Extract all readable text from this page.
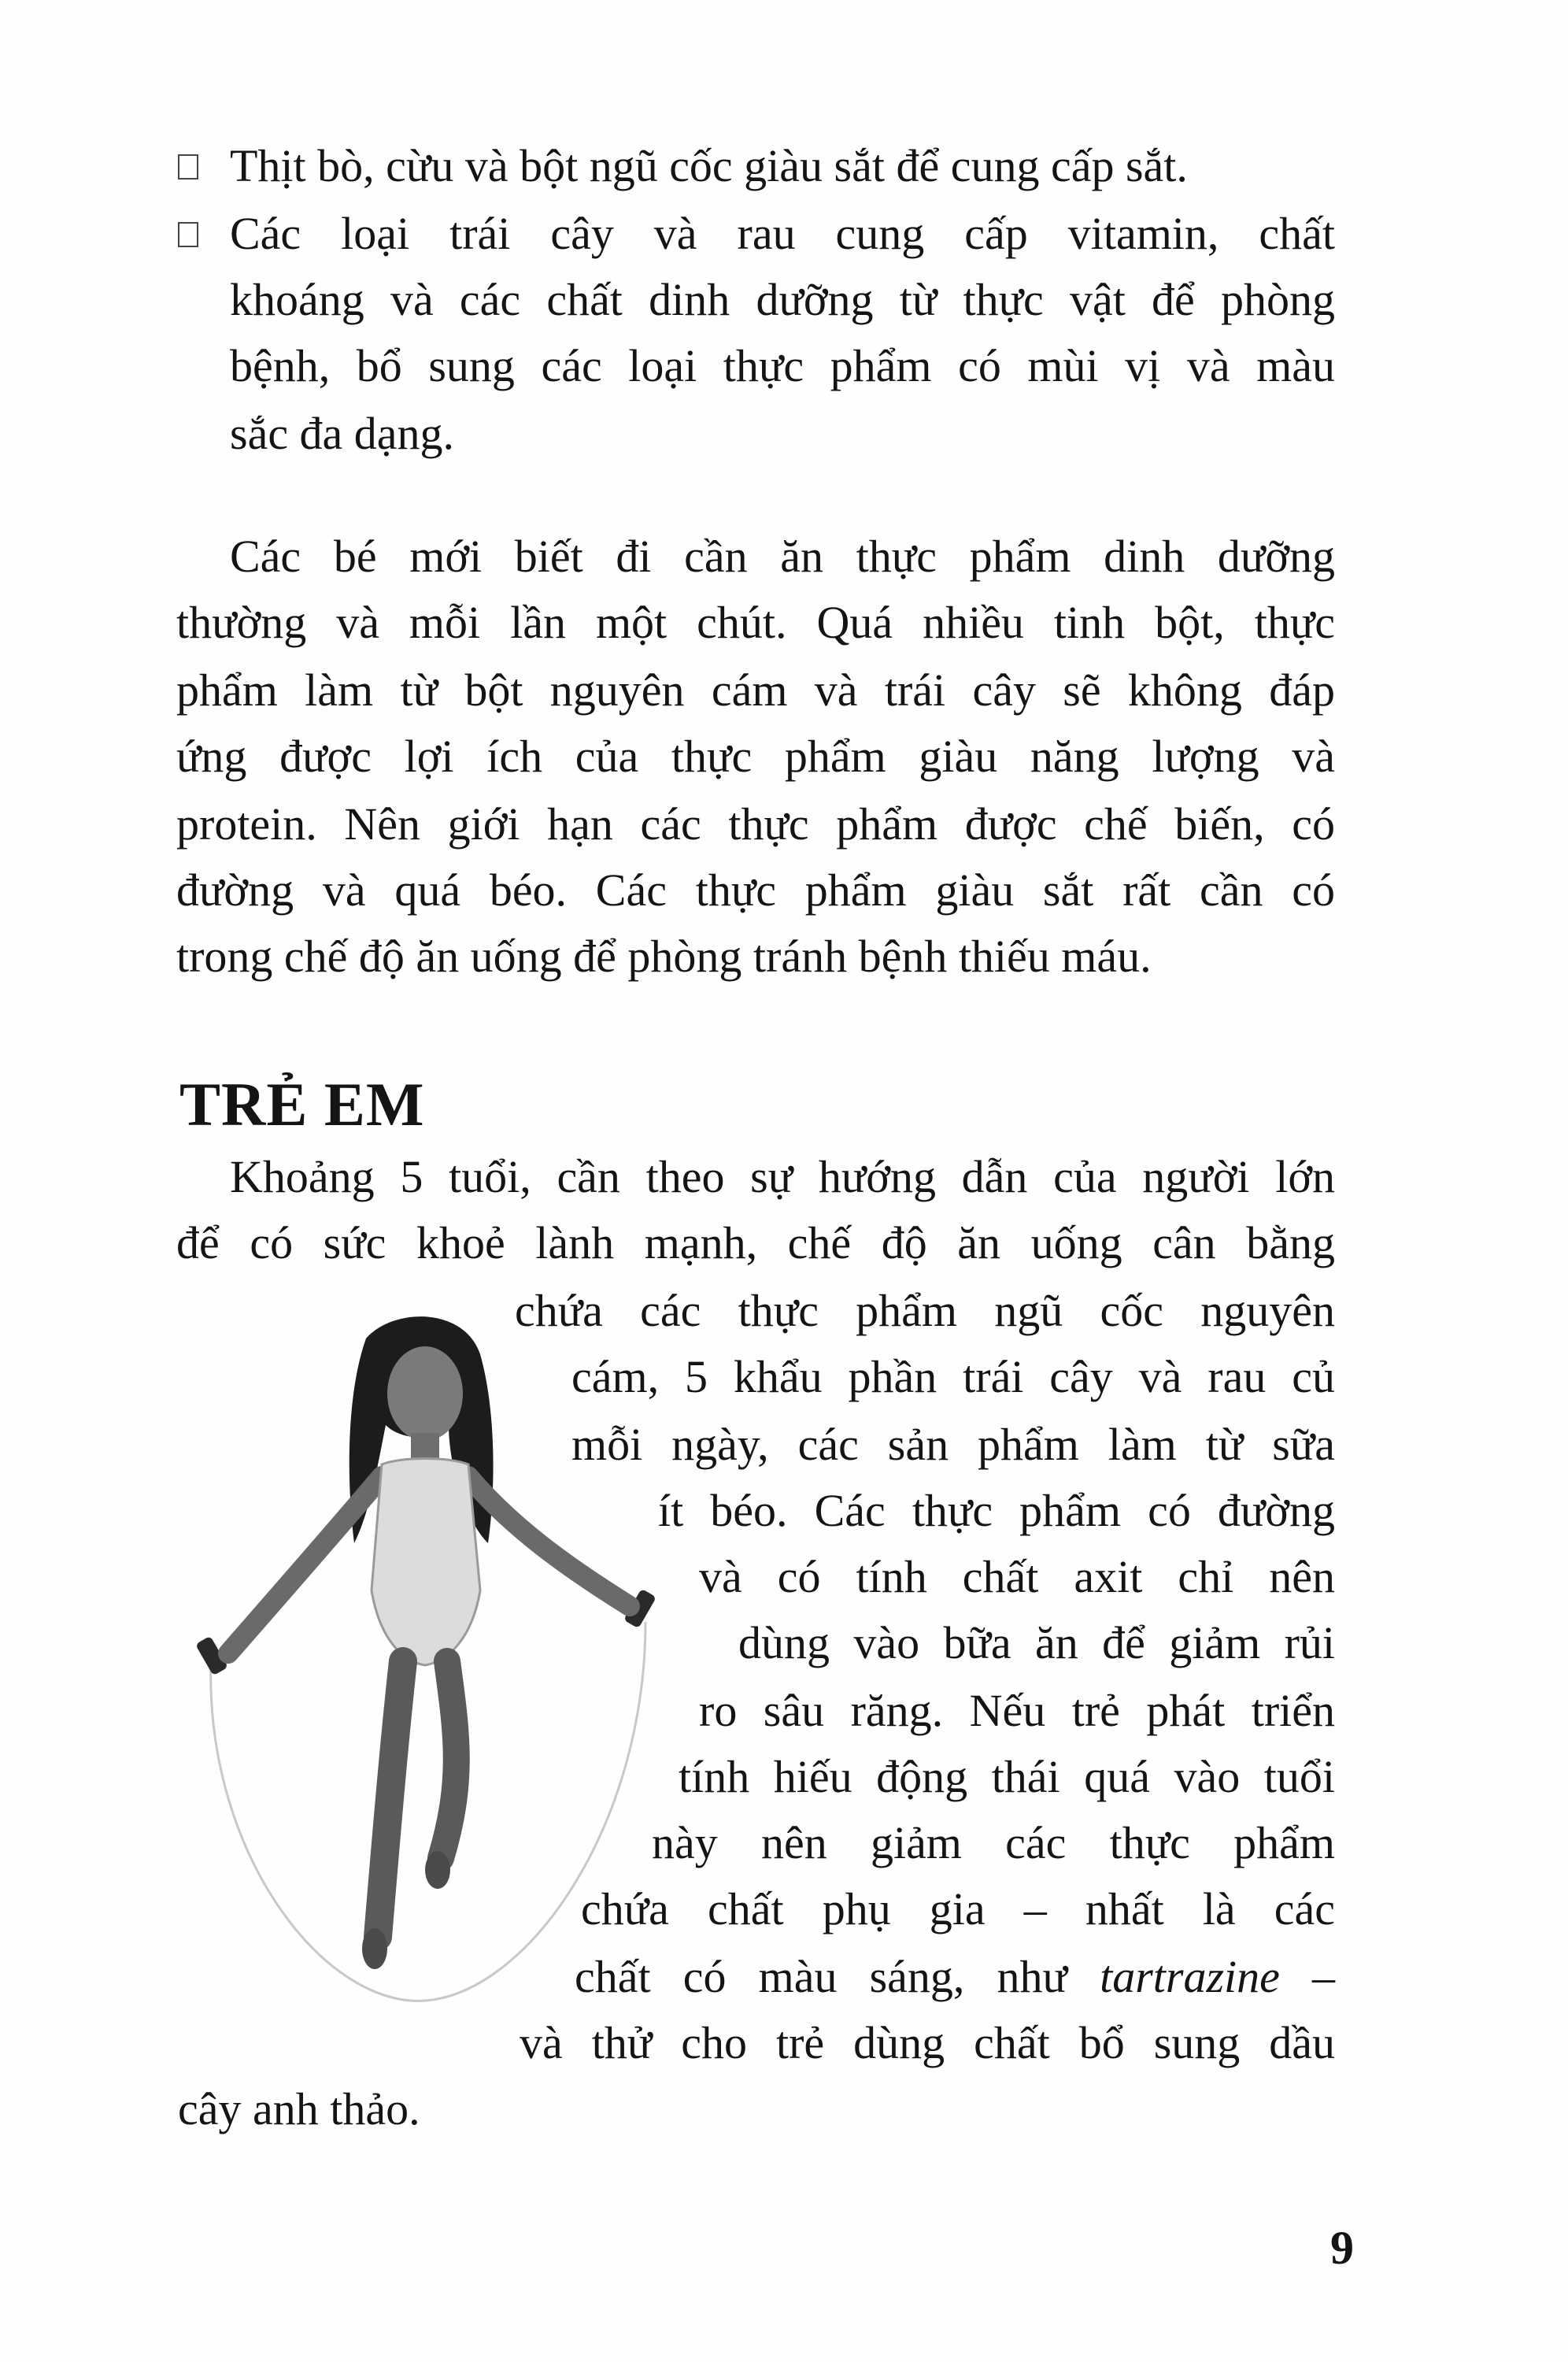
Thịt bò, cừu và bột ngũ cốc giàu sắt để cung cấp sắt.
Các loại trái cây và rau cung cấp vitamin, chất
khoáng và các chất dinh dưỡng từ thực vật để phòng
bệnh, bổ sung các loại thực phẩm có mùi vị và màu
sắc đa dạng.
Các bé mới biết đi cần ăn thực phẩm dinh dưỡng
thường và mỗi lần một chút. Quá nhiều tinh bột, thực
phẩm làm từ bột nguyên cám và trái cây sẽ không đáp
ứng được lợi ích của thực phẩm giàu năng lượng và
protein. Nên giới hạn các thực phẩm được chế biến, có
đường và quá béo. Các thực phẩm giàu sắt rất cần có
trong chế độ ăn uống để phòng tránh bệnh thiếu máu.
TRẺ EM
Khoảng 5 tuổi, cần theo sự hướng dẫn của người lớn
để có sức khoẻ lành mạnh, chế độ ăn uống cân bằng
chứa các thực phẩm ngũ cốc nguyên
cám, 5 khẩu phần trái cây và rau củ
mỗi ngày, các sản phẩm làm từ sữa
ít béo. Các thực phẩm có đường
và có tính chất axit chỉ nên
dùng vào bữa ăn để giảm rủi
ro sâu răng. Nếu trẻ phát triển
tính hiếu động thái quá vào tuổi
này nên giảm các thực phẩm
chứa chất phụ gia – nhất là các
chất có màu sáng, như tartrazine –
và thử cho trẻ dùng chất bổ sung dầu
cây anh thảo.
9
